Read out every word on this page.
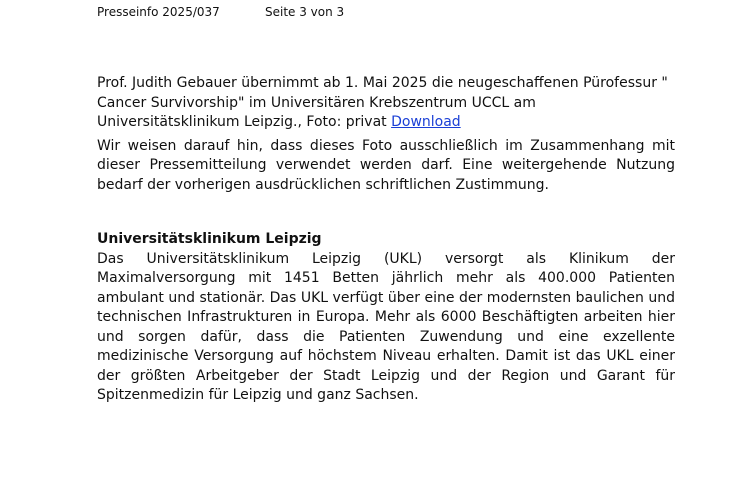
Presseinfo 2025/037	Seite 3 von 3

Prof. Judith Gebauer übernimmt ab 1. Mai 2025 die neugeschaffenen Pürofessur " Cancer Survivorship" im Universitären Krebszentrum UCCL am Universitätsklinikum Leipzig., Foto: privat Download

Wir weisen darauf hin, dass dieses Foto ausschließlich im Zusammenhang mit dieser Pressemitteilung verwendet werden darf. Eine weitergehende Nutzung bedarf der vorherigen ausdrücklichen schriftlichen Zustimmung.

Universitätsklinikum Leipzig

Das Universitätsklinikum Leipzig (UKL) versorgt als Klinikum der Maximalversorgung mit 1451 Betten jährlich mehr als 400.000 Patienten ambulant und stationär. Das UKL verfügt über eine der modernsten baulichen und technischen Infrastrukturen in Europa. Mehr als 6000 Beschäftigten arbeiten hier und sorgen dafür, dass die Patienten Zuwendung und eine exzellente medizinische Versorgung auf höchstem Niveau erhalten. Damit ist das UKL einer der größten Arbeitgeber der Stadt Leipzig und der Region und Garant für Spitzenmedizin für Leipzig und ganz Sachsen.
